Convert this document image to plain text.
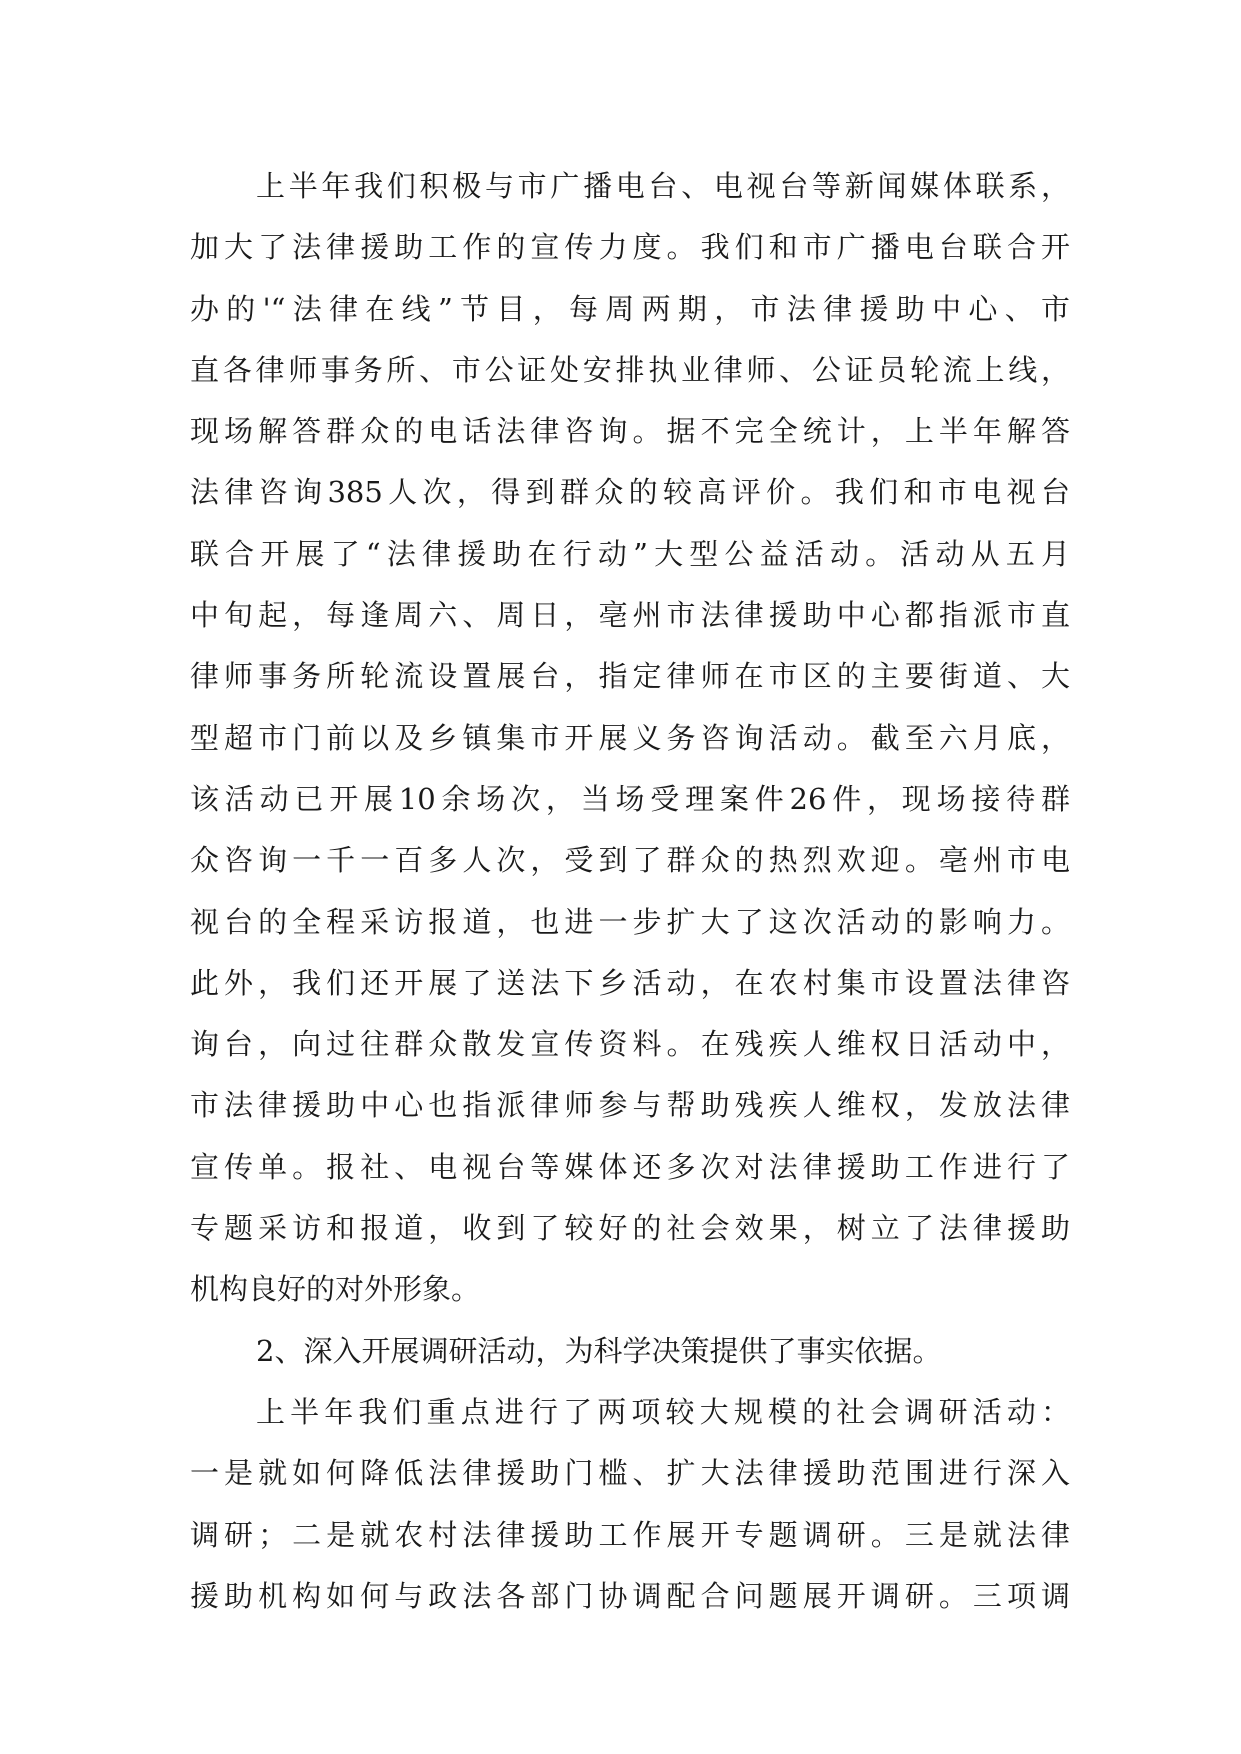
上半年我们积极与市广播电台、电视台等新闻媒体联系，
加大了法律援助工作的宣传力度。我们和市广播电台联合开
办的'“法律在线”节目，每周两期，市法律援助中心、市
直各律师事务所、市公证处安排执业律师、公证员轮流上线，
现场解答群众的电话法律咨询。据不完全统计，上半年解答
法律咨询385人次，得到群众的较高评价。我们和市电视台
联合开展了“法律援助在行动”大型公益活动。活动从五月
中旬起，每逢周六、周日，亳州市法律援助中心都指派市直
律师事务所轮流设置展台，指定律师在市区的主要街道、大
型超市门前以及乡镇集市开展义务咨询活动。截至六月底，
该活动已开展10余场次，当场受理案件26件，现场接待群
众咨询一千一百多人次，受到了群众的热烈欢迎。亳州市电
视台的全程采访报道，也进一步扩大了这次活动的影响力。
此外，我们还开展了送法下乡活动，在农村集市设置法律咨
询台，向过往群众散发宣传资料。在残疾人维权日活动中，
市法律援助中心也指派律师参与帮助残疾人维权，发放法律
宣传单。报社、电视台等媒体还多次对法律援助工作进行了
专题采访和报道，收到了较好的社会效果，树立了法律援助
机构良好的对外形象。
2、深入开展调研活动，为科学决策提供了事实依据。
上半年我们重点进行了两项较大规模的社会调研活动：
一是就如何降低法律援助门槛、扩大法律援助范围进行深入
调研；二是就农村法律援助工作展开专题调研。三是就法律
援助机构如何与政法各部门协调配合问题展开调研。三项调
